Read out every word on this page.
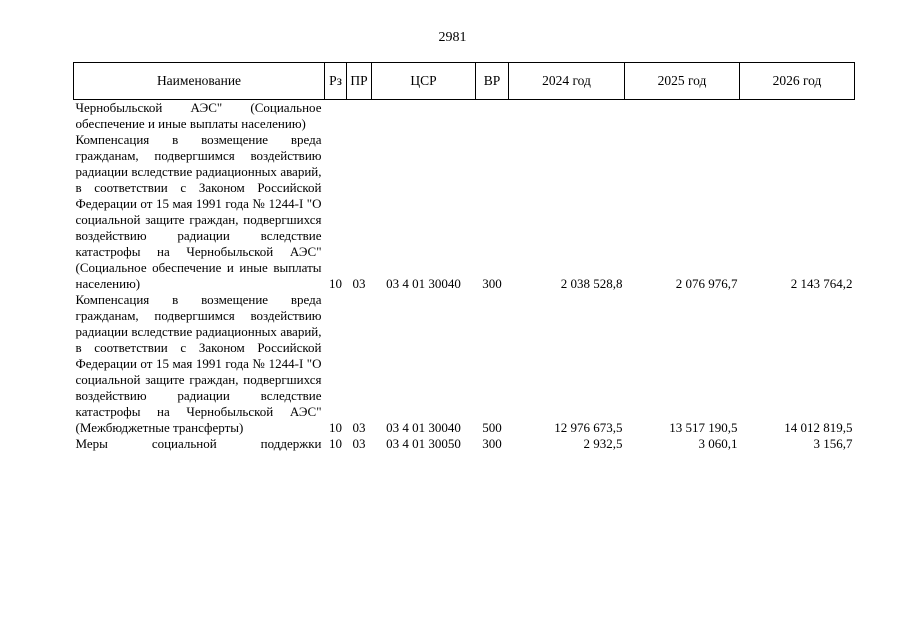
2981
Наименование	Рз	ПР	ЦСР	ВР	2024 год	2025 год	2026 год
Чернобыльской АЭС" (Социальное обеспечение и иные выплаты населению)							
Компенсация в возмещение вреда гражданам, подвергшимся воздействию радиации вследствие радиационных аварий, в соответствии с Законом Российской Федерации от 15 мая 1991 года № 1244-I "О социальной защите граждан, подвергшихся воздействию радиации вследствие катастрофы на Чернобыльской АЭС" (Социальное обеспечение и иные выплаты населению)	10	03	03 4 01 30040	300	2 038 528,8	2 076 976,7	2 143 764,2
Компенсация в возмещение вреда гражданам, подвергшимся воздействию радиации вследствие радиационных аварий, в соответствии с Законом Российской Федерации от 15 мая 1991 года № 1244-I "О социальной защите граждан, подвергшихся воздействию радиации вследствие катастрофы на Чернобыльской АЭС" (Межбюджетные трансферты)	10	03	03 4 01 30040	500	12 976 673,5	13 517 190,5	14 012 819,5
Меры социальной поддержки	10	03	03 4 01 30050	300	2 932,5	3 060,1	3 156,7
